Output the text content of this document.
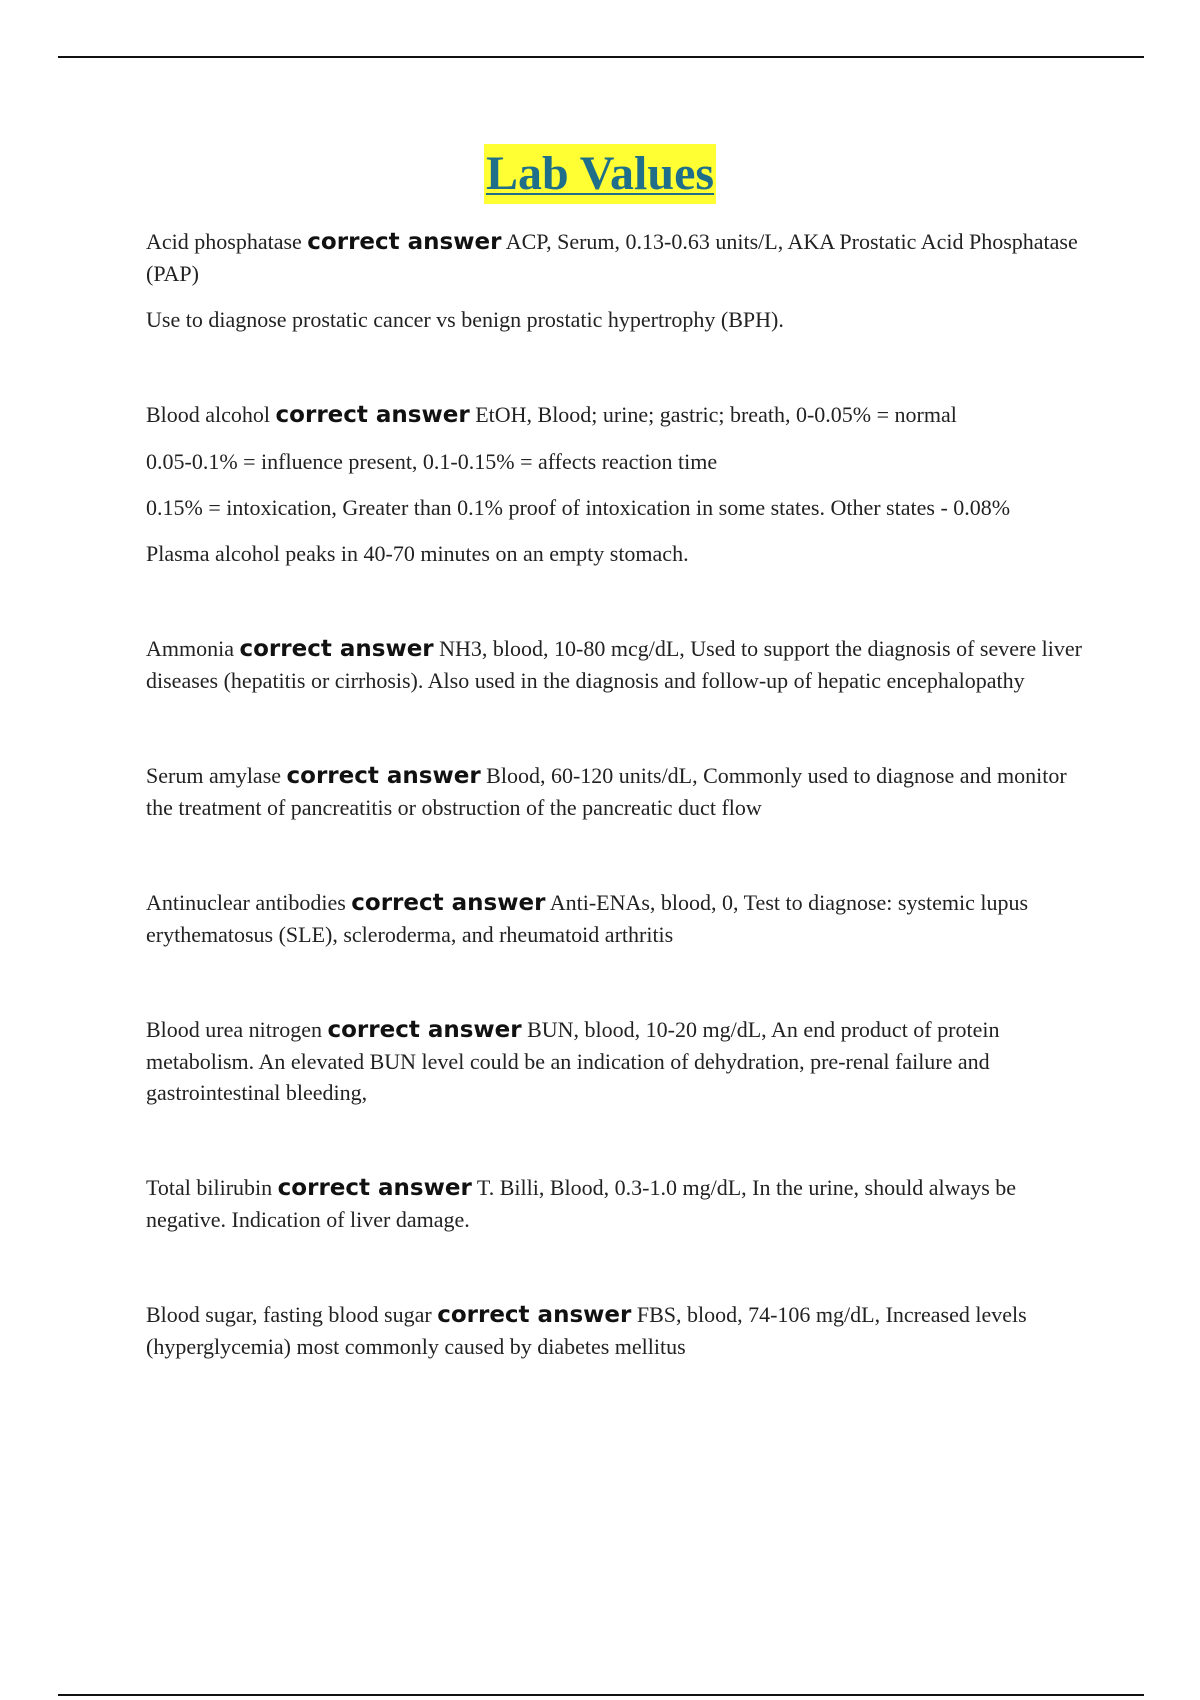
Lab Values

Acid phosphatase correct answer ACP, Serum, 0.13-0.63 units/L, AKA Prostatic Acid Phosphatase (PAP)

Use to diagnose prostatic cancer vs benign prostatic hypertrophy (BPH).

Blood alcohol correct answer EtOH, Blood; urine; gastric; breath, 0-0.05% = normal

0.05-0.1% = influence present, 0.1-0.15% = affects reaction time

0.15% = intoxication, Greater than 0.1% proof of intoxication in some states. Other states - 0.08%

Plasma alcohol peaks in 40-70 minutes on an empty stomach.

Ammonia correct answer NH3, blood, 10-80 mcg/dL, Used to support the diagnosis of severe liver diseases (hepatitis or cirrhosis). Also used in the diagnosis and follow-up of hepatic encephalopathy

Serum amylase correct answer Blood, 60-120 units/dL, Commonly used to diagnose and monitor the treatment of pancreatitis or obstruction of the pancreatic duct flow

Antinuclear antibodies correct answer Anti-ENAs, blood, 0, Test to diagnose: systemic lupus erythematosus (SLE), scleroderma, and rheumatoid arthritis

Blood urea nitrogen correct answer BUN, blood, 10-20 mg/dL, An end product of protein metabolism. An elevated BUN level could be an indication of dehydration, pre-renal failure and gastrointestinal bleeding,

Total bilirubin correct answer T. Billi, Blood, 0.3-1.0 mg/dL, In the urine, should always be negative. Indication of liver damage.

Blood sugar, fasting blood sugar correct answer FBS, blood, 74-106 mg/dL, Increased levels (hyperglycemia) most commonly caused by diabetes mellitus
